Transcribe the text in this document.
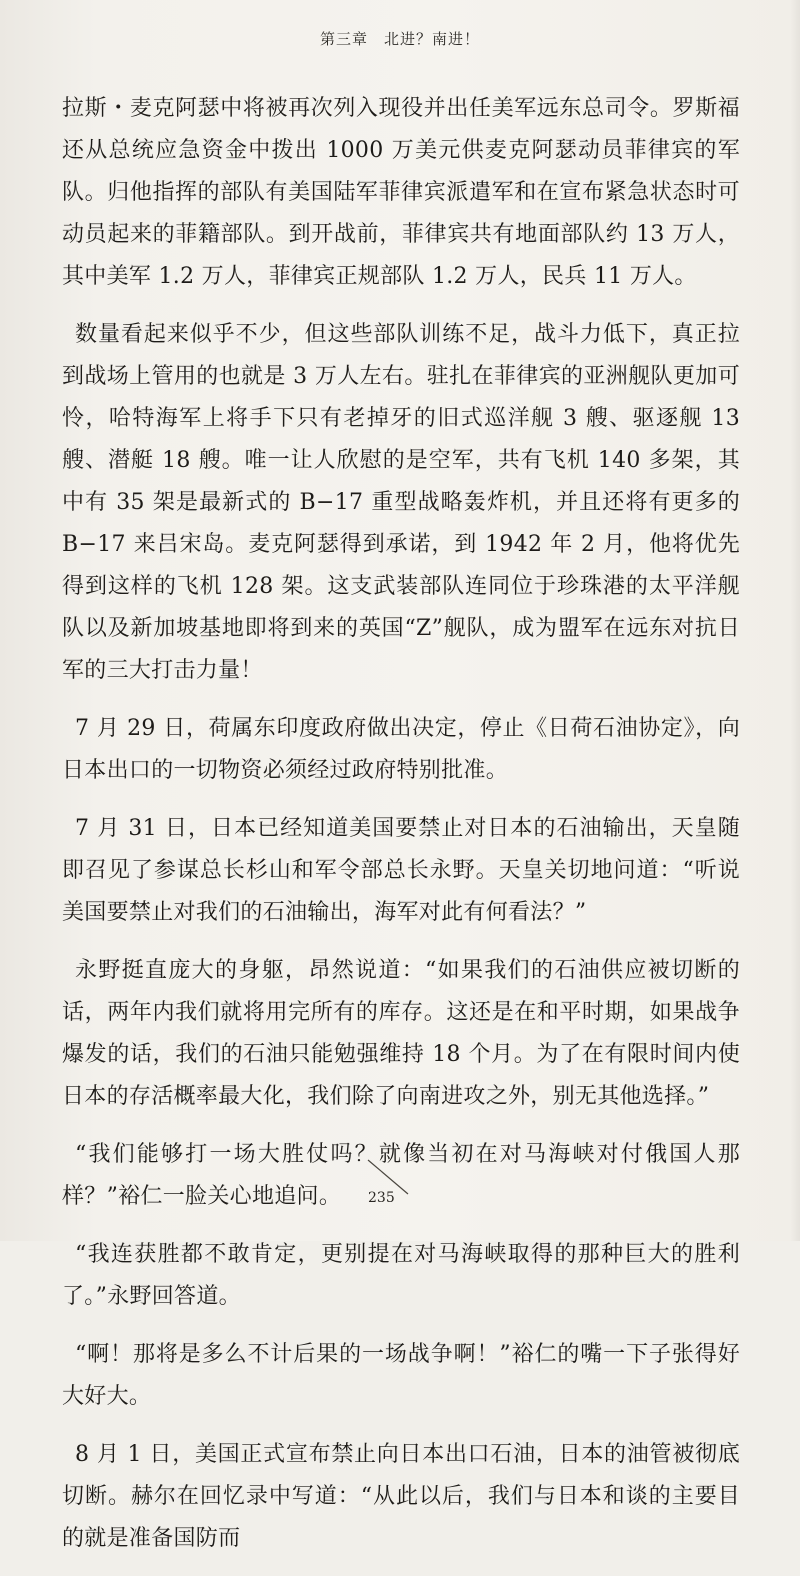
第三章　北进？南进！

拉斯・麦克阿瑟中将被再次列入现役并出任美军远东总司令。罗斯福还从总统应急资金中拨出 1000 万美元供麦克阿瑟动员菲律宾的军队。归他指挥的部队有美国陆军菲律宾派遣军和在宣布紧急状态时可动员起来的菲籍部队。到开战前，菲律宾共有地面部队约 13 万人，其中美军 1.2 万人，菲律宾正规部队 1.2 万人，民兵 11 万人。

数量看起来似乎不少，但这些部队训练不足，战斗力低下，真正拉到战场上管用的也就是 3 万人左右。驻扎在菲律宾的亚洲舰队更加可怜，哈特海军上将手下只有老掉牙的旧式巡洋舰 3 艘、驱逐舰 13 艘、潜艇 18 艘。唯一让人欣慰的是空军，共有飞机 140 多架，其中有 35 架是最新式的 B−17 重型战略轰炸机，并且还将有更多的 B−17 来吕宋岛。麦克阿瑟得到承诺，到 1942 年 2 月，他将优先得到这样的飞机 128 架。这支武装部队连同位于珍珠港的太平洋舰队以及新加坡基地即将到来的英国“Z”舰队，成为盟军在远东对抗日军的三大打击力量！

7 月 29 日，荷属东印度政府做出决定，停止《日荷石油协定》，向日本出口的一切物资必须经过政府特别批准。

7 月 31 日，日本已经知道美国要禁止对日本的石油输出，天皇随即召见了参谋总长杉山和军令部总长永野。天皇关切地问道：“听说美国要禁止对我们的石油输出，海军对此有何看法？”

永野挺直庞大的身躯，昂然说道：“如果我们的石油供应被切断的话，两年内我们就将用完所有的库存。这还是在和平时期，如果战争爆发的话，我们的石油只能勉强维持 18 个月。为了在有限时间内使日本的存活概率最大化，我们除了向南进攻之外，别无其他选择。”

“我们能够打一场大胜仗吗？就像当初在对马海峡对付俄国人那样？”裕仁一脸关心地追问。

“我连获胜都不敢肯定，更别提在对马海峡取得的那种巨大的胜利了。”永野回答道。

“啊！那将是多么不计后果的一场战争啊！”裕仁的嘴一下子张得好大好大。

8 月 1 日，美国正式宣布禁止向日本出口石油，日本的油管被彻底切断。赫尔在回忆录中写道：“从此以后，我们与日本和谈的主要目的就是准备国防而

235
